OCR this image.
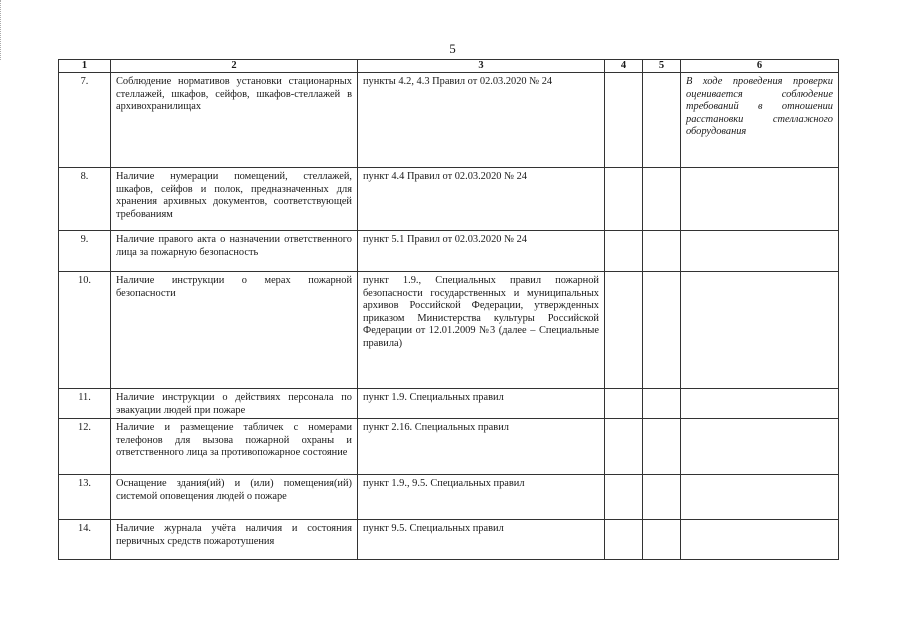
5
1	2	3	4	5	6
7.	Соблюдение нормативов установки стационарных стеллажей, шкафов, сейфов, шкафов-стеллажей в архивохранилищах	пункты 4.2, 4.3 Правил от 02.03.2020 № 24			В ходе проведения проверки оценивается соблюдение требований в отношении расстановки стеллажного оборудования
8.	Наличие нумерации помещений, стеллажей, шкафов, сейфов и полок, предназначенных для хранения архивных документов, соответствующей требованиям	пункт 4.4 Правил от 02.03.2020 № 24			
9.	Наличие правого акта о назначении ответственного лица за пожарную безопасность	пункт 5.1 Правил от 02.03.2020 № 24			
10.	Наличие инструкции о мерах пожарной безопасности	пункт 1.9., Специальных правил пожарной безопасности государственных и муниципальных архивов Российской Федерации, утвержденных приказом Министерства культуры Российской Федерации от 12.01.2009 №3 (далее – Специальные правила)			
11.	Наличие инструкции о действиях персонала по эвакуации людей при пожаре	пункт 1.9. Специальных правил			
12.	Наличие и размещение табличек с номерами телефонов для вызова пожарной охраны и ответственного лица за противопожарное состояние	пункт 2.16. Специальных правил			
13.	Оснащение здания(ий) и (или) помещения(ий) системой оповещения людей о пожаре	пункт 1.9., 9.5. Специальных правил			
14.	Наличие журнала учёта наличия и состояния первичных средств пожаротушения	пункт 9.5. Специальных правил			
